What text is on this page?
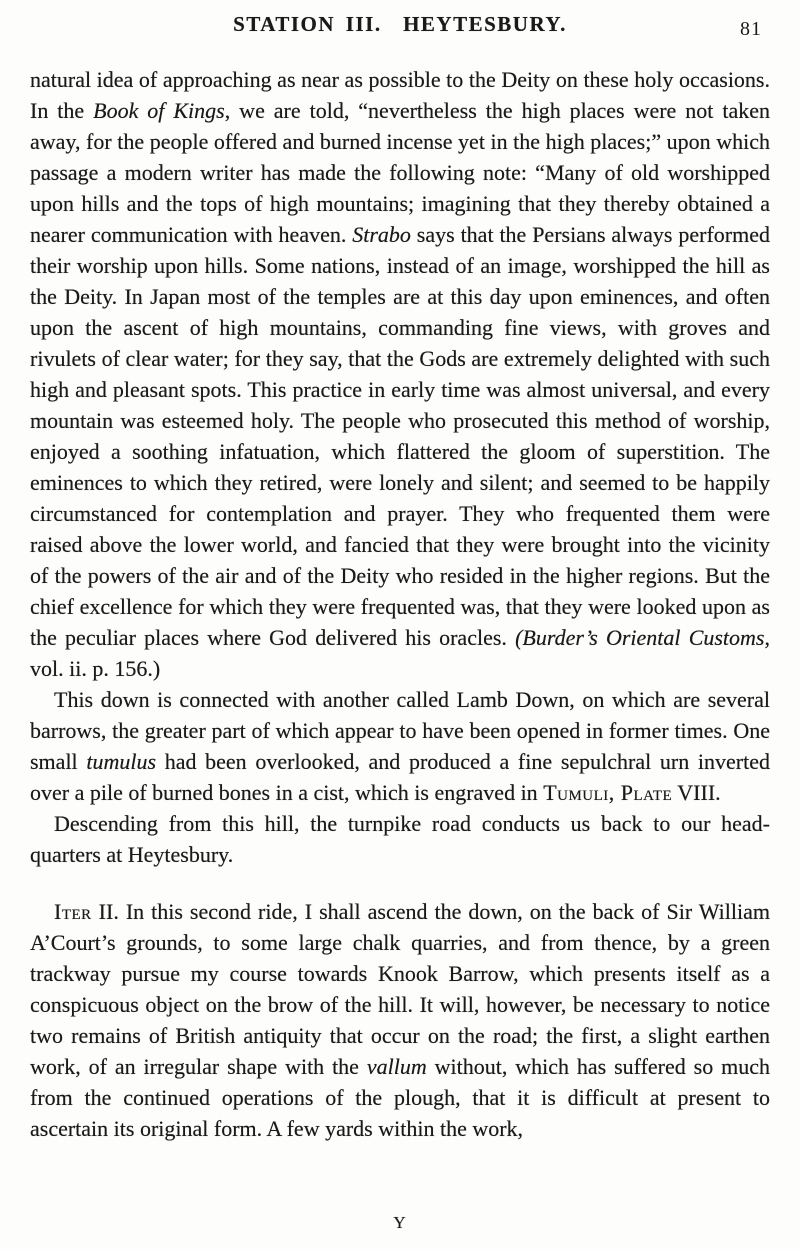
STATION III.  HEYTESBURY.	81

natural idea of approaching as near as possible to the Deity on these holy occasions. In the Book of Kings, we are told, “nevertheless the high places were not taken away, for the people offered and burned incense yet in the high places;” upon which passage a modern writer has made the following note: “Many of old worshipped upon hills and the tops of high mountains; imagining that they thereby obtained a nearer communication with heaven. Strabo says that the Persians always performed their worship upon hills. Some nations, instead of an image, worshipped the hill as the Deity. In Japan most of the temples are at this day upon eminences, and often upon the ascent of high mountains, commanding fine views, with groves and rivulets of clear water; for they say, that the Gods are extremely delighted with such high and pleasant spots. This practice in early time was almost universal, and every mountain was esteemed holy. The people who prosecuted this method of worship, enjoyed a soothing infatuation, which flattered the gloom of superstition. The eminences to which they retired, were lonely and silent; and seemed to be happily circumstanced for contemplation and prayer. They who frequented them were raised above the lower world, and fancied that they were brought into the vicinity of the powers of the air and of the Deity who resided in the higher regions. But the chief excellence for which they were frequented was, that they were looked upon as the peculiar places where God delivered his oracles. (Burder’s Oriental Customs, vol. ii. p. 156.)

This down is connected with another called Lamb Down, on which are several barrows, the greater part of which appear to have been opened in former times. One small tumulus had been overlooked, and produced a fine sepulchral urn inverted over a pile of burned bones in a cist, which is engraved in Tumuli, Plate VIII.

Descending from this hill, the turnpike road conducts us back to our head-quarters at Heytesbury.

Iter II. In this second ride, I shall ascend the down, on the back of Sir William A’Court’s grounds, to some large chalk quarries, and from thence, by a green trackway pursue my course towards Knook Barrow, which presents itself as a conspicuous object on the brow of the hill. It will, however, be necessary to notice two remains of British antiquity that occur on the road; the first, a slight earthen work, of an irregular shape with the vallum without, which has suffered so much from the continued operations of the plough, that it is difficult at present to ascertain its original form. A few yards within the work,

Y
